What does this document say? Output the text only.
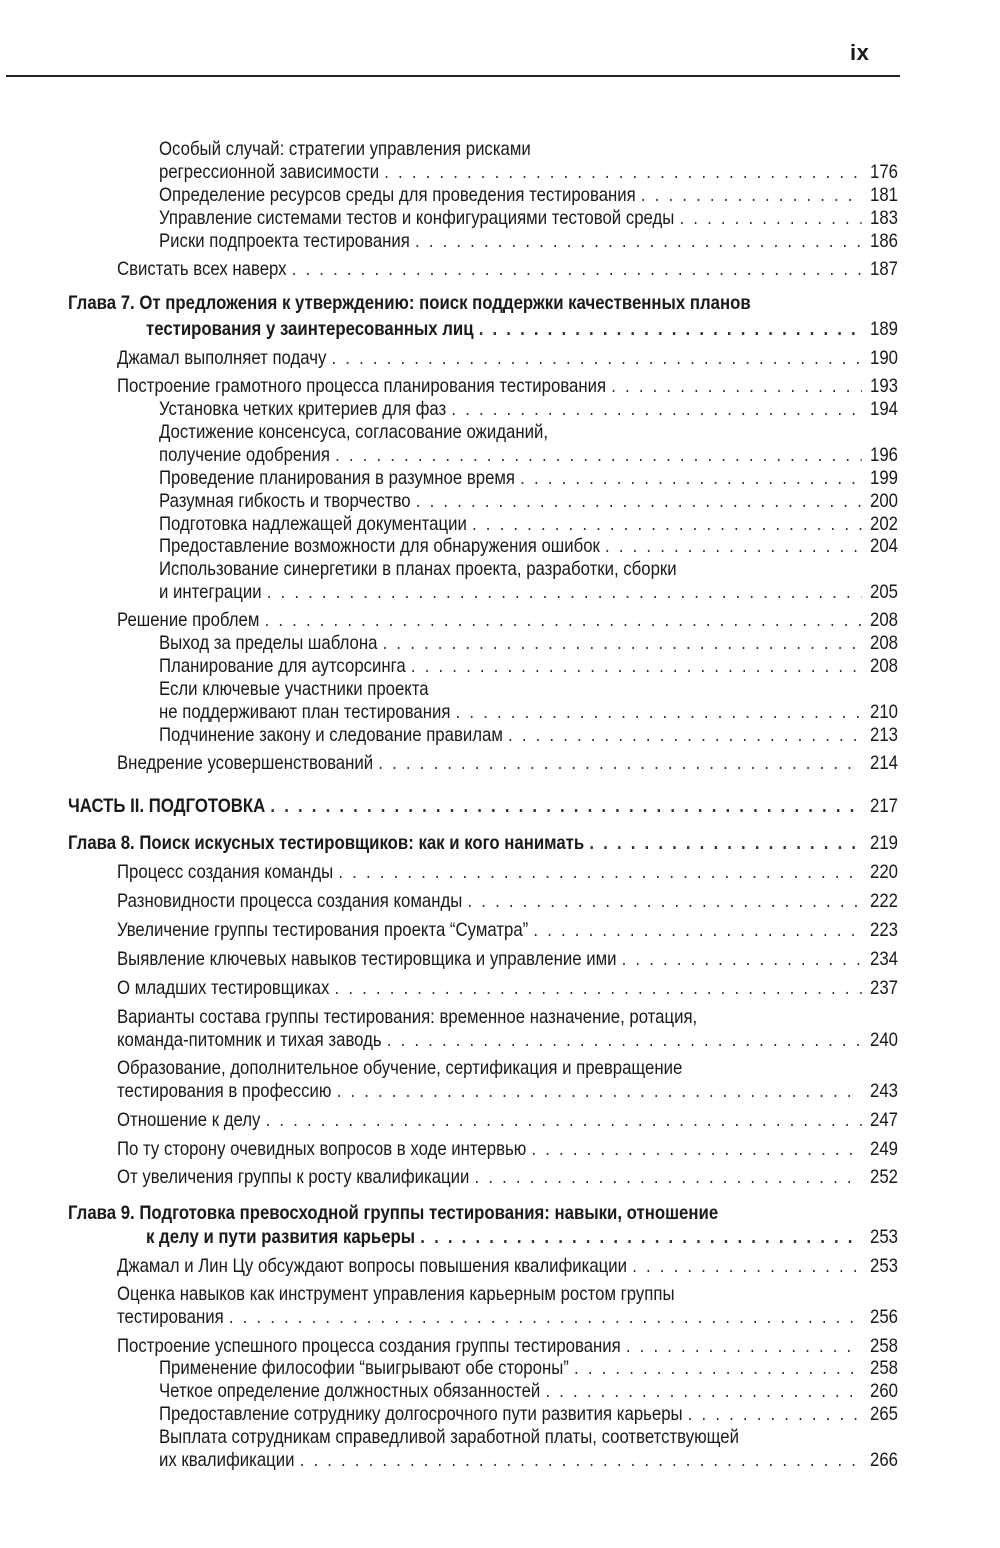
ix
Особый случай: стратегии управления рисками
регрессионной зависимости . . .	176
Определение ресурсов среды для проведения тестирования . . .	181
Управление системами тестов и конфигурациями тестовой среды . . .	183
Риски подпроекта тестирования . . .	186
Свистать всех наверх . . .	187
Глава 7. От предложения к утверждению: поиск поддержки качественных планов
тестирования у заинтересованных лиц . . .	189
Джамал выполняет подачу . . .	190
Построение грамотного процесса планирования тестирования . . .	193
Установка четких критериев для фаз . . .	194
Достижение консенсуса, согласование ожиданий,
получение одобрения . . .	196
Проведение планирования в разумное время . . .	199
Разумная гибкость и творчество . . .	200
Подготовка надлежащей документации . . .	202
Предоставление возможности для обнаружения ошибок . . .	204
Использование синергетики в планах проекта, разработки, сборки
и интеграции . . .	205
Решение проблем . . .	208
Выход за пределы шаблона . . .	208
Планирование для аутсорсинга . . .	208
Если ключевые участники проекта
не поддерживают план тестирования . . .	210
Подчинение закону и следование правилам . . .	213
Внедрение усовершенствований . . .	214
ЧАСТЬ II. ПОДГОТОВКА . . .	217
Глава 8. Поиск искусных тестировщиков: как и кого нанимать . . .	219
Процесс создания команды . . .	220
Разновидности процесса создания команды . . .	222
Увеличение группы тестирования проекта “Суматра” . . .	223
Выявление ключевых навыков тестировщика и управление ими . . .	234
О младших тестировщиках . . .	237
Варианты состава группы тестирования: временное назначение, ротация,
команда-питомник и тихая заводь . . .	240
Образование, дополнительное обучение, сертификация и превращение
тестирования в профессию . . .	243
Отношение к делу . . .	247
По ту сторону очевидных вопросов в ходе интервью . . .	249
От увеличения группы к росту квалификации . . .	252
Глава 9. Подготовка превосходной группы тестирования: навыки, отношение
к делу и пути развития карьеры . . .	253
Джамал и Лин Цу обсуждают вопросы повышения квалификации . . .	253
Оценка навыков как инструмент управления карьерным ростом группы
тестирования . . .	256
Построение успешного процесса создания группы тестирования . . .	258
Применение философии “выигрывают обе стороны” . . .	258
Четкое определение должностных обязанностей . . .	260
Предоставление сотруднику долгосрочного пути развития карьеры . . .	265
Выплата сотрудникам справедливой заработной платы, соответствующей
их квалификации . . .	266
